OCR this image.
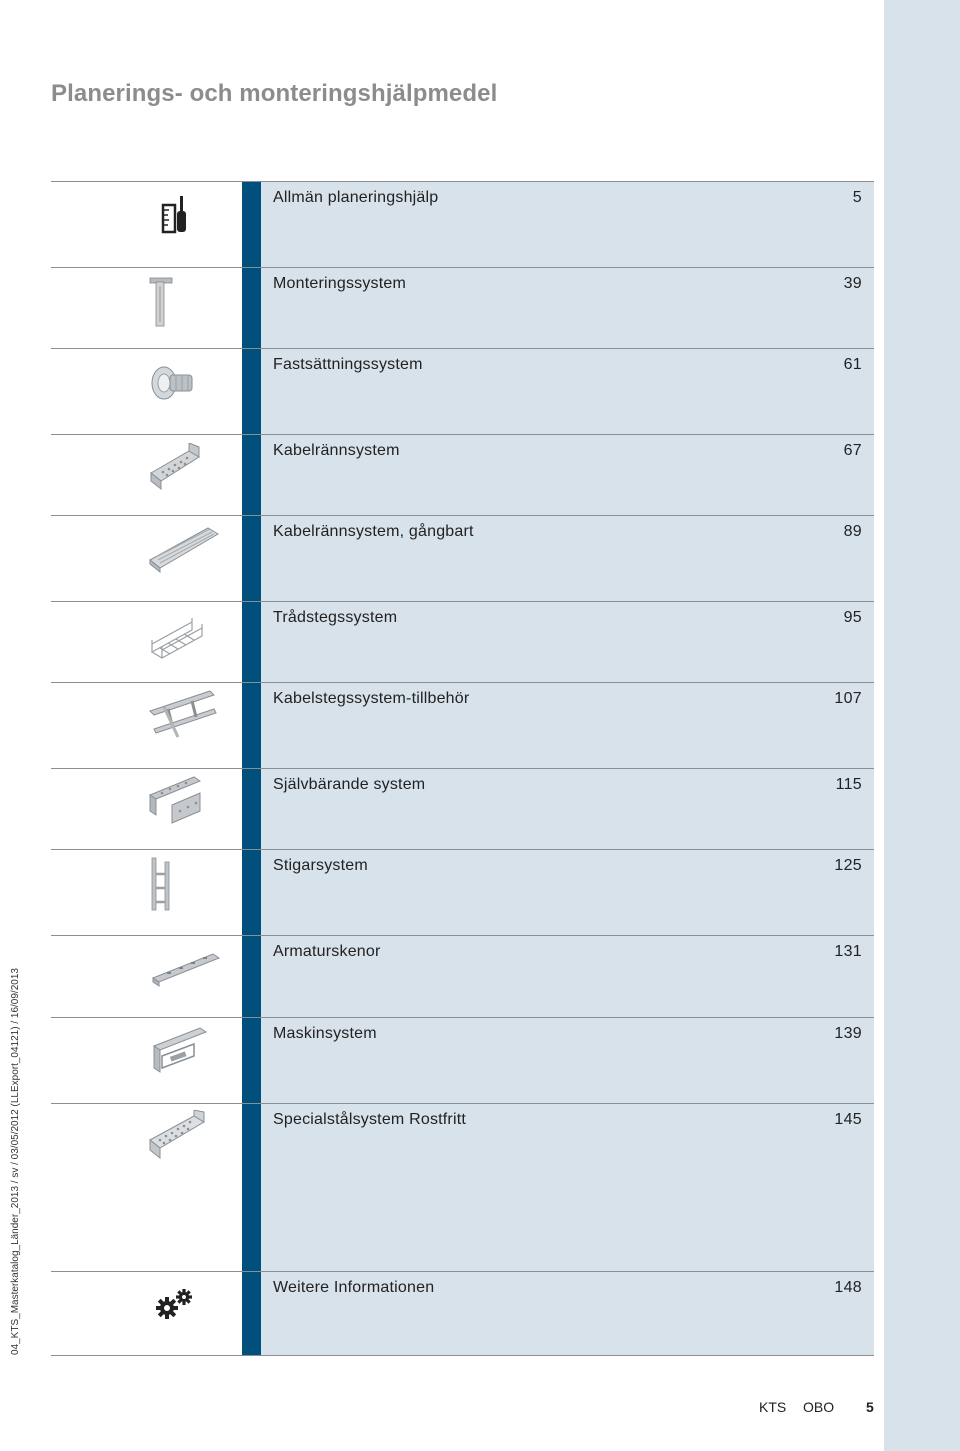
Planerings- och monteringshjälpmedel
04_KTS_Masterkatalog_Länder_2013 / sv / 03/05/2012 (LLExport_04121) / 16/09/2013
Allmän planeringshjälp	5
Monteringssystem	39
Fastsättningssystem	61
Kabelrännsystem	67
Kabelrännsystem, gångbart	89
Trådstegssystem	95
Kabelstegssystem-tillbehör	107
Självbärande system	115
Stigarsystem	125
Armaturskenor	131
Maskinsystem	139
Specialstålsystem Rostfritt	145
Weitere Informationen	148
KTS OBO 5
